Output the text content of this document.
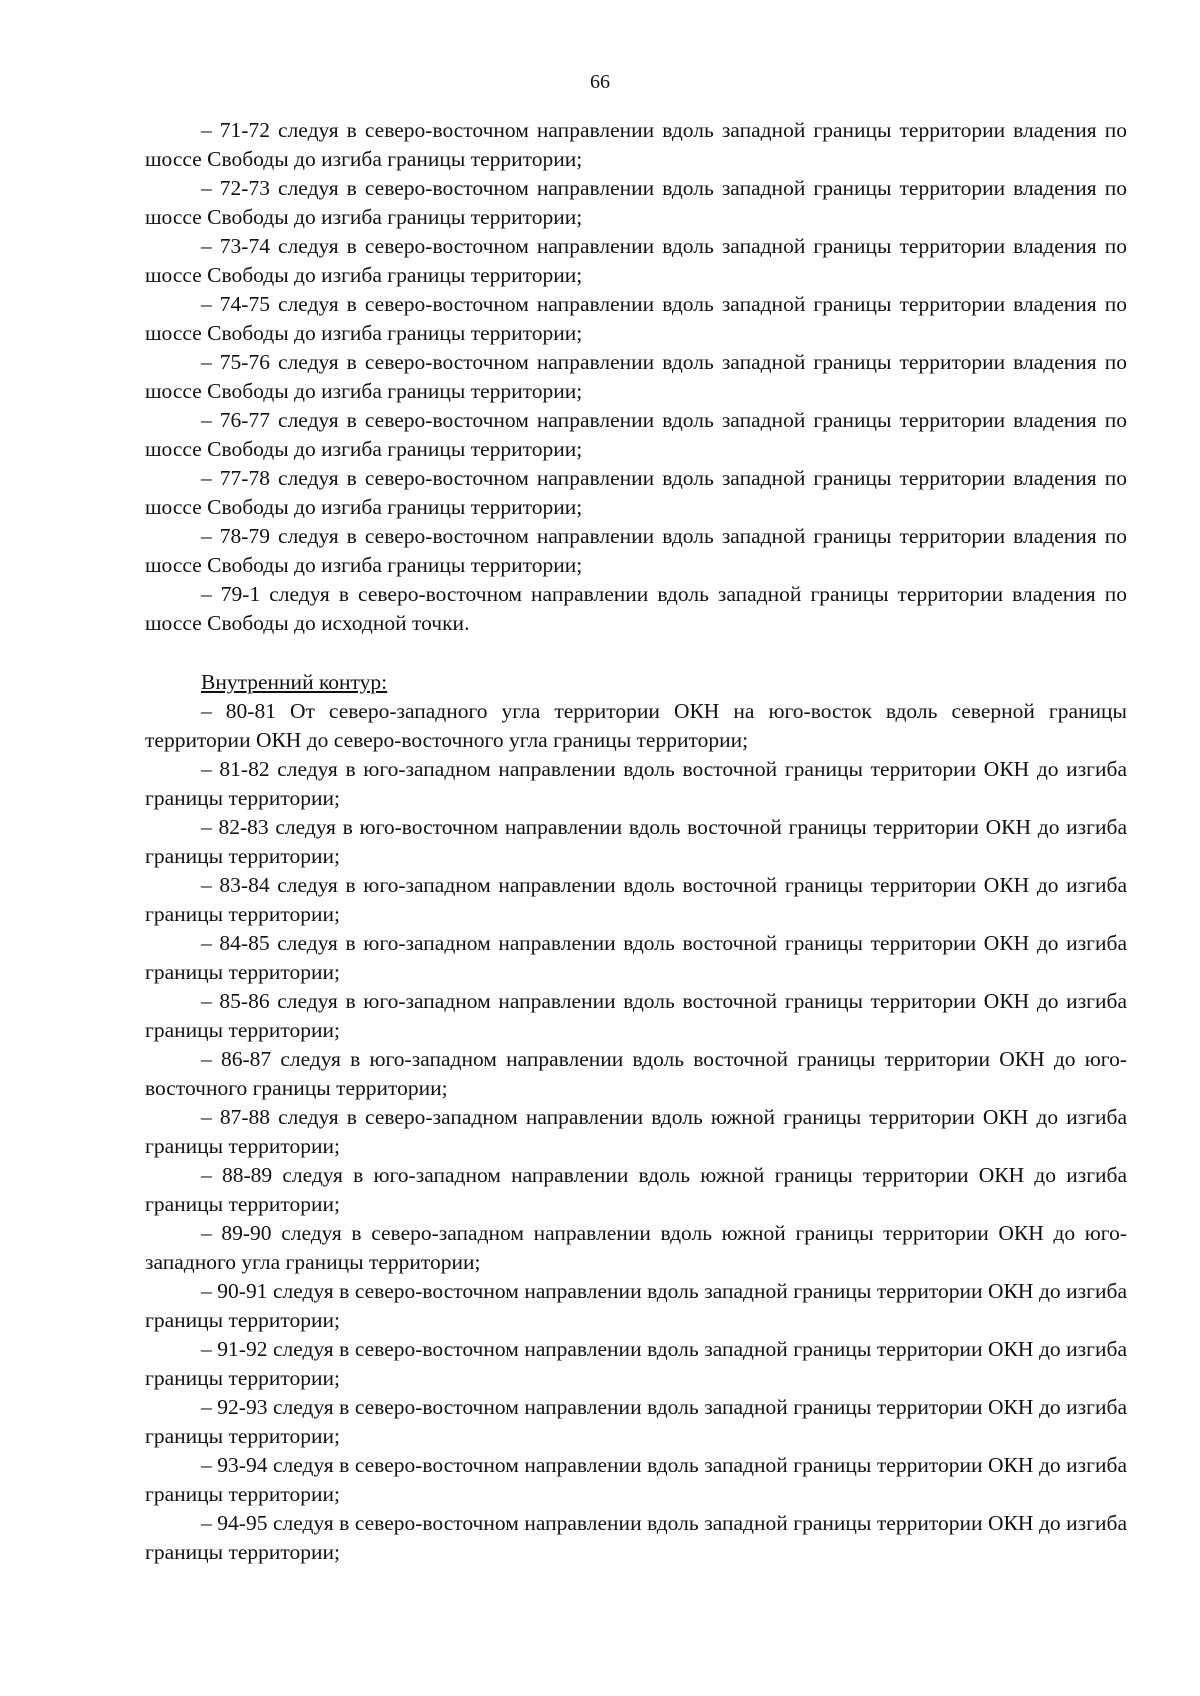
66

– 71-72 следуя в северо-восточном направлении вдоль западной границы территории владения по шоссе Свободы до изгиба границы территории;

– 72-73 следуя в северо-восточном направлении вдоль западной границы территории владения по шоссе Свободы до изгиба границы территории;

– 73-74 следуя в северо-восточном направлении вдоль западной границы территории владения по шоссе Свободы до изгиба границы территории;

– 74-75 следуя в северо-восточном направлении вдоль западной границы территории владения по шоссе Свободы до изгиба границы территории;

– 75-76 следуя в северо-восточном направлении вдоль западной границы территории владения по шоссе Свободы до изгиба границы территории;

– 76-77 следуя в северо-восточном направлении вдоль западной границы территории владения по шоссе Свободы до изгиба границы территории;

– 77-78 следуя в северо-восточном направлении вдоль западной границы территории владения по шоссе Свободы до изгиба границы территории;

– 78-79 следуя в северо-восточном направлении вдоль западной границы территории владения по шоссе Свободы до изгиба границы территории;

– 79-1 следуя в северо-восточном направлении вдоль западной границы территории владения по шоссе Свободы до исходной точки.

Внутренний контур:

– 80-81 От северо-западного угла территории ОКН на юго-восток вдоль северной границы территории ОКН до северо-восточного угла границы территории;

– 81-82 следуя в юго-западном направлении вдоль восточной границы территории ОКН до изгиба границы территории;

– 82-83 следуя в юго-восточном направлении вдоль восточной границы территории ОКН до изгиба границы территории;

– 83-84 следуя в юго-западном направлении вдоль восточной границы территории ОКН до изгиба границы территории;

– 84-85 следуя в юго-западном направлении вдоль восточной границы территории ОКН до изгиба границы территории;

– 85-86 следуя в юго-западном направлении вдоль восточной границы территории ОКН до изгиба границы территории;

– 86-87 следуя в юго-западном направлении вдоль восточной границы территории ОКН до юго-восточного границы территории;

– 87-88 следуя в северо-западном направлении вдоль южной границы территории ОКН до изгиба границы территории;

– 88-89 следуя в юго-западном направлении вдоль южной границы территории ОКН до изгиба границы территории;

– 89-90 следуя в северо-западном направлении вдоль южной границы территории ОКН до юго-западного угла границы территории;

– 90-91 следуя в северо-восточном направлении вдоль западной границы территории ОКН до изгиба границы территории;

– 91-92 следуя в северо-восточном направлении вдоль западной границы территории ОКН до изгиба границы территории;

– 92-93 следуя в северо-восточном направлении вдоль западной границы территории ОКН до изгиба границы территории;

– 93-94 следуя в северо-восточном направлении вдоль западной границы территории ОКН до изгиба границы территории;

– 94-95 следуя в северо-восточном направлении вдоль западной границы территории ОКН до изгиба границы территории;
